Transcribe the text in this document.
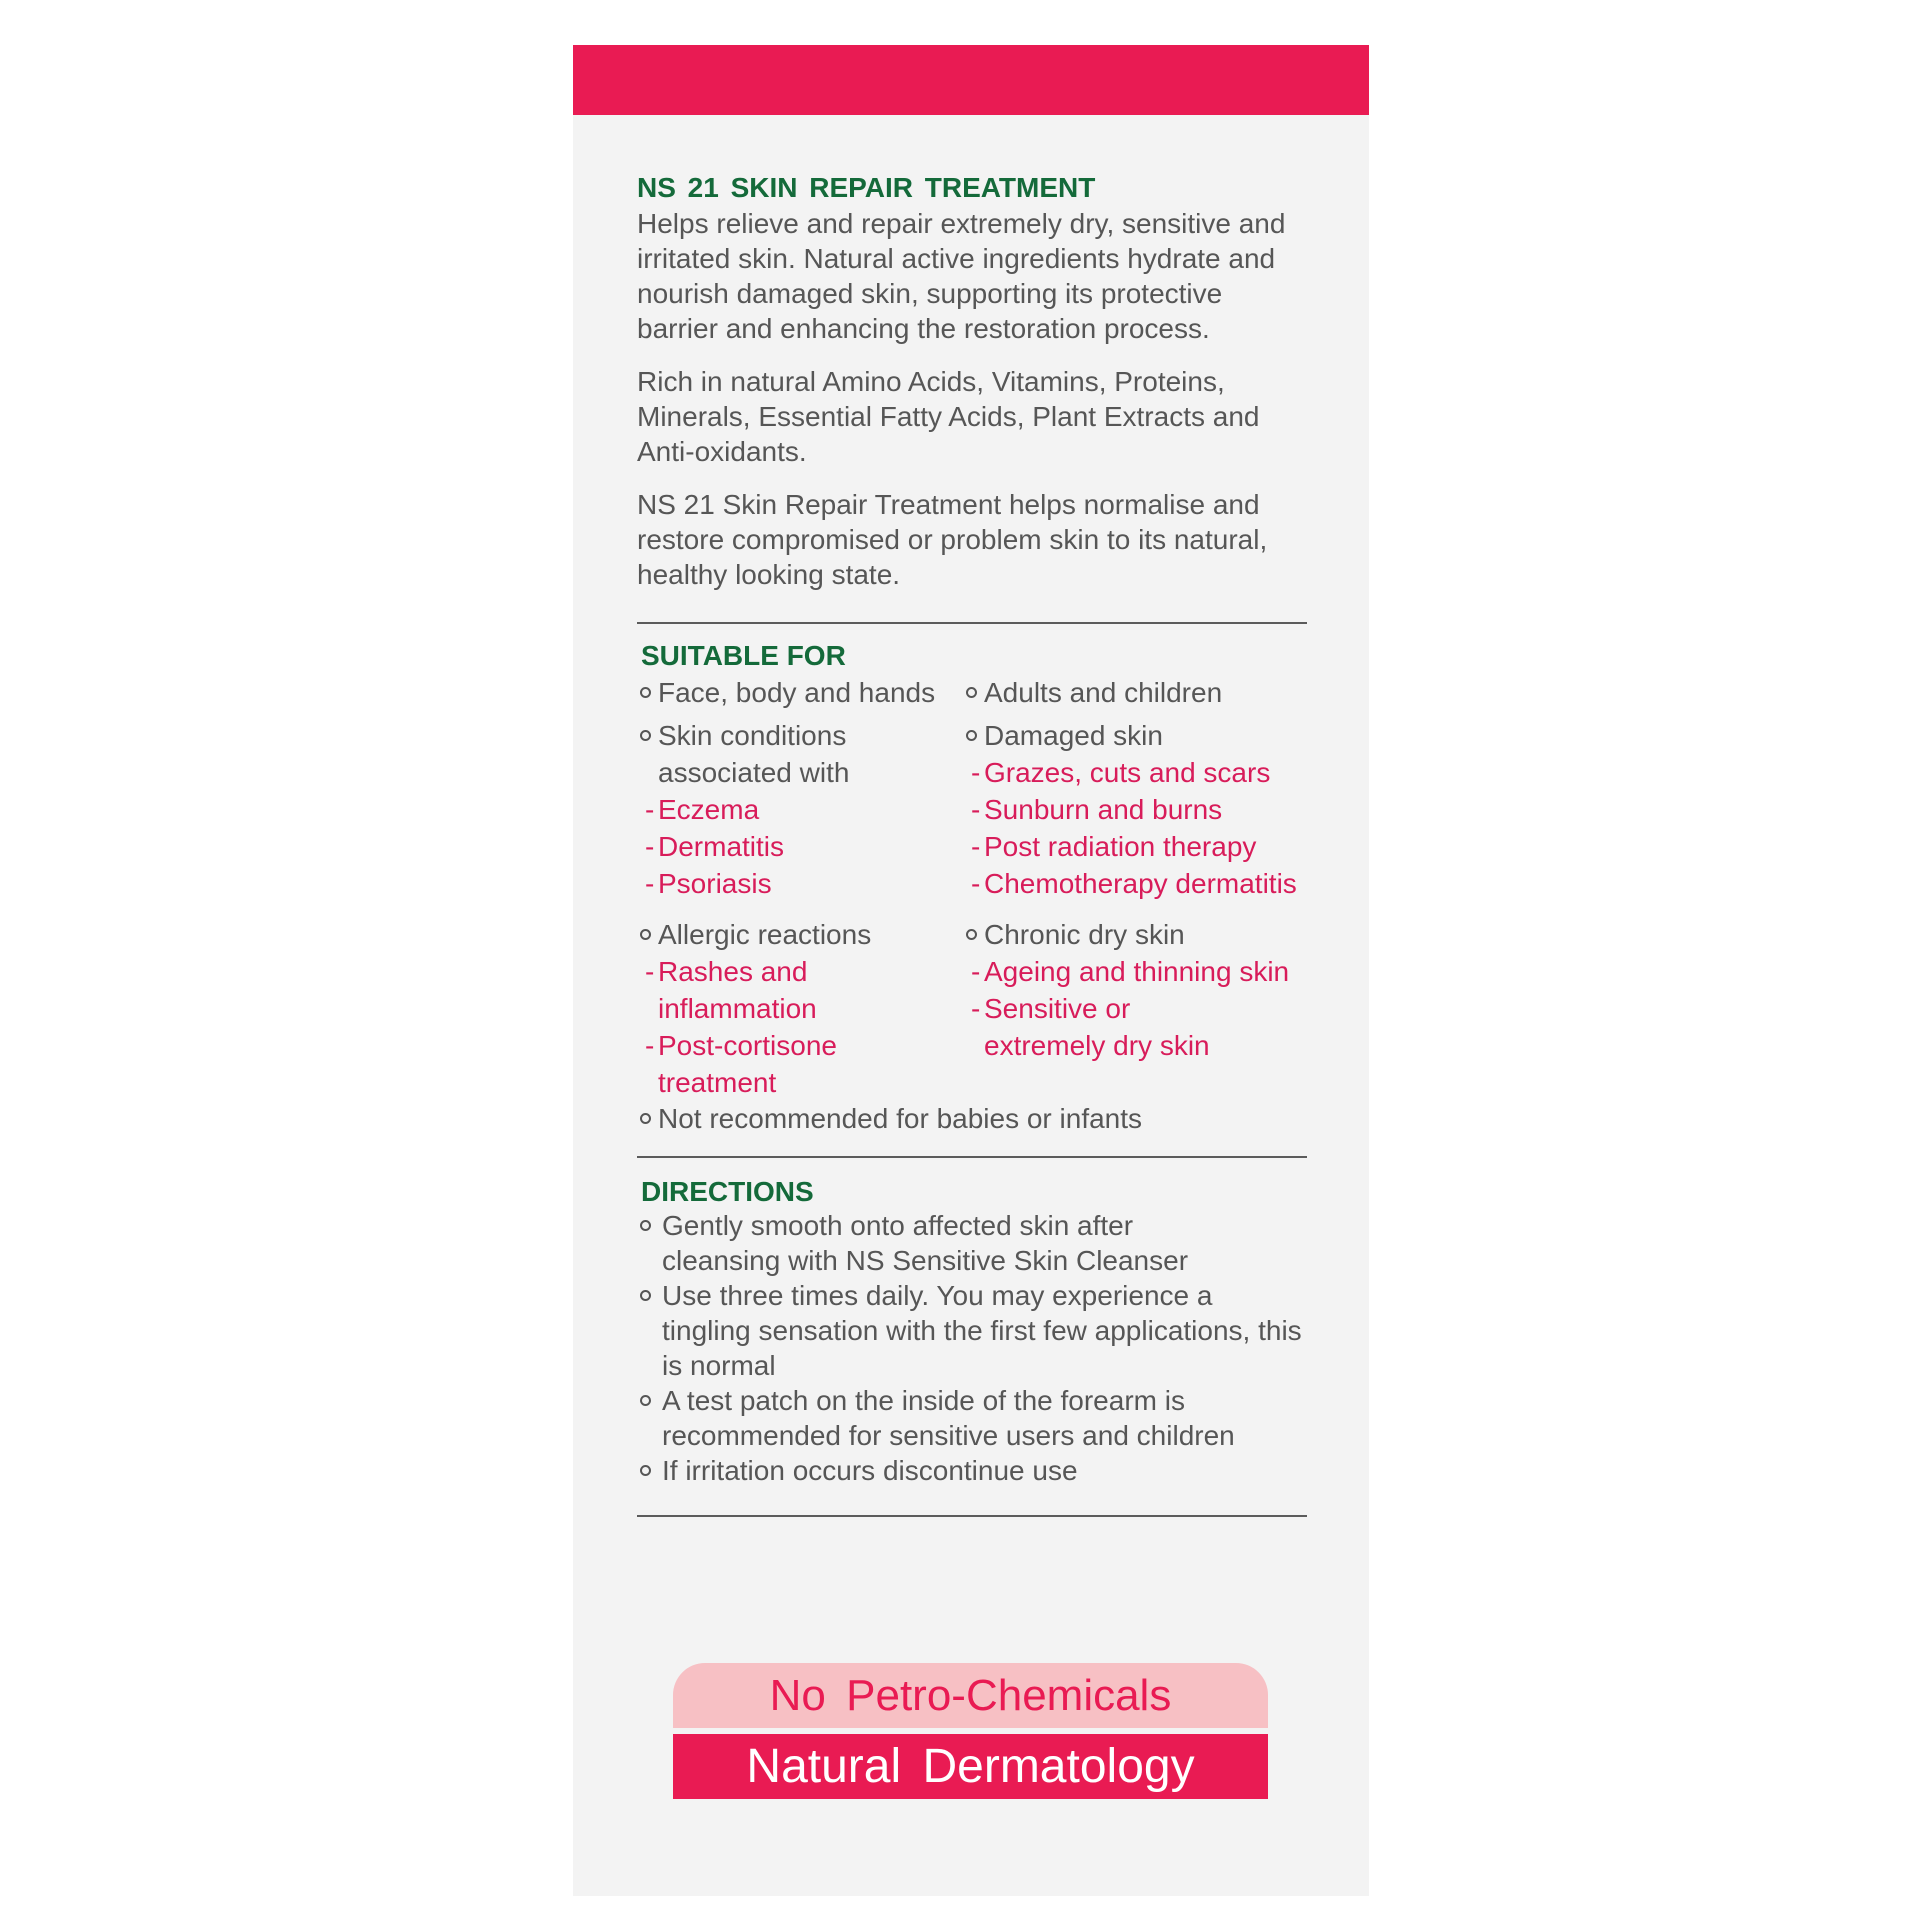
NS 21 SKIN REPAIR TREATMENT

Helps relieve and repair extremely dry, sensitive and irritated skin. Natural active ingredients hydrate and nourish damaged skin, supporting its protective barrier and enhancing the restoration process.

Rich in natural Amino Acids, Vitamins, Proteins, Minerals, Essential Fatty Acids, Plant Extracts and Anti-oxidants.

NS 21 Skin Repair Treatment helps normalise and restore compromised or problem skin to its natural, healthy looking state.

SUITABLE FOR
Face, body and hands
Skin conditions associated with
- Eczema
- Dermatitis
- Psoriasis
Allergic reactions
- Rashes and inflammation
- Post-cortisone treatment
Adults and children
Damaged skin
- Grazes, cuts and scars
- Sunburn and burns
- Post radiation therapy
- Chemotherapy dermatitis
Chronic dry skin
- Ageing and thinning skin
- Sensitive or extremely dry skin
Not recommended for babies or infants
DIRECTIONS
Gently smooth onto affected skin after cleansing with NS Sensitive Skin Cleanser
Use three times daily. You may experience a tingling sensation with the first few applications, this is normal
A test patch on the inside of the forearm is recommended for sensitive users and children
If irritation occurs discontinue use
No Petro-Chemicals
Natural Dermatology
